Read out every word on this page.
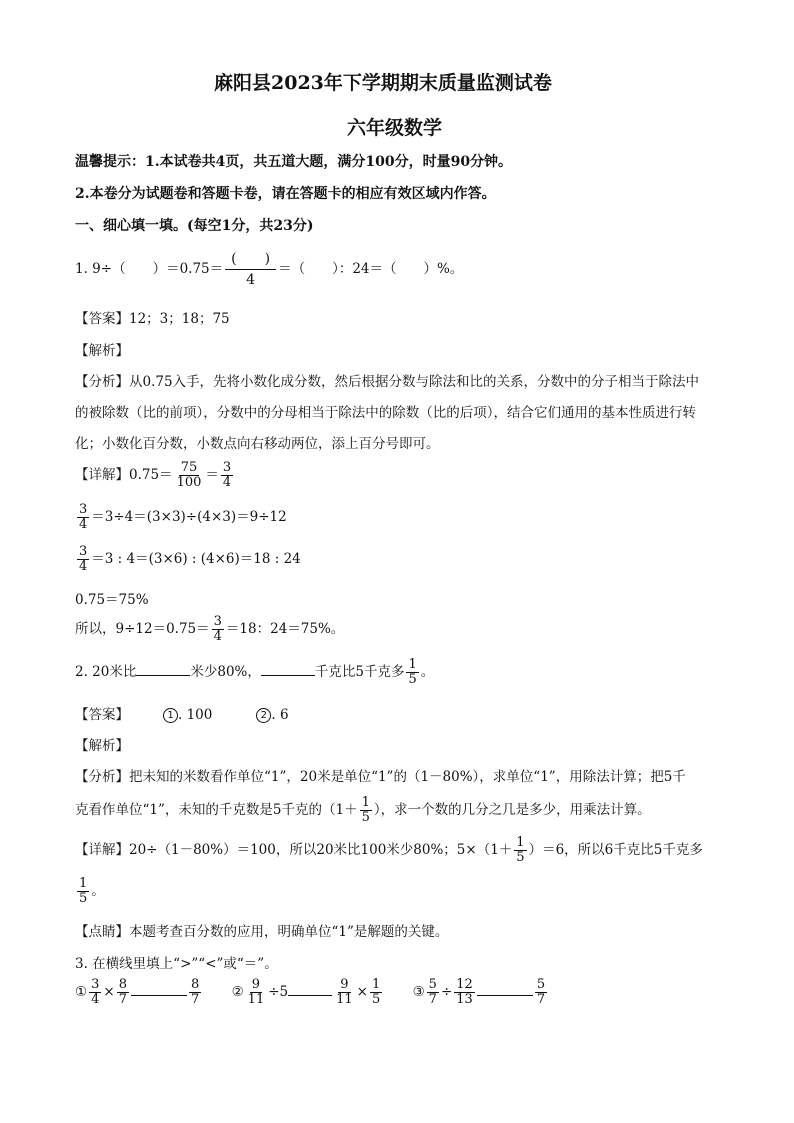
麻阳县2023年下学期期末质量监测试卷
六年级数学
温馨提示：1.本试卷共4页，共五道大题，满分100分，时量90分钟。
2.本卷分为试题卷和答题卡卷，请在答题卡的相应有效区域内作答。
一、细心填一填。(每空1分，共23分)
1. 9÷（　　）$=0.75= \frac{( )}{4}$ ＝（　　）：24＝（　　）%。
【答案】12；3；18；75
【解析】
【分析】从0.75入手，先将小数化成分数，然后根据分数与除法和比的关系，分数中的分子相当于除法中
的被除数（比的前项），分数中的分母相当于除法中的除数（比的后项），结合它们通用的基本性质进行转
化；小数化百分数，小数点向右移动两位，添上百分号即可。
【详解】$0.75= \frac{75}{100} = \frac{3}{4}$
$\frac{3}{4} =3\div 4=(3\times 3)\div(4\times 3)=9\div 12$
$\frac{3}{4} =3$ : 4＝(3×6) : (4×6)＝18 : 24
0.75＝75%
所以，$9\div 12=0.75= \frac{3}{4} =18$：24＝75%。
2. 20米比	米少80%，	千克比5千克多 $\frac{1}{5}$ 。
【答案】	1 . 100	2 . 6
【解析】
【分析】把未知的米数看作单位“1”，20米是单位“1”的（1－80%），求单位“1”，用除法计算；把5千
克看作单位“1”，未知的千克数是5千克的（$1+ \frac{1}{5}$ ），求一个数的几分之几是多少，用乘法计算。
【详解】20÷（1－80%）＝100，所以20米比100米少80%；$5\times(1+ \frac{1}{5} )=6$，所以6千克比5千克多
$\frac{1}{5}$ 。
【点睛】本题考查百分数的应用，明确单位“1”是解题的关键。
3. 在横线里填上“>”“<”或“＝”。
① $\frac{3}{4} \times \frac{8}{7}$	$\frac{8}{7}$ ② $\frac{9}{11} \div 5$	$\frac{9}{11} \times \frac{1}{5}$ ③ $\frac{5}{7} \div \frac{12}{13}$	$\frac{5}{7}$
